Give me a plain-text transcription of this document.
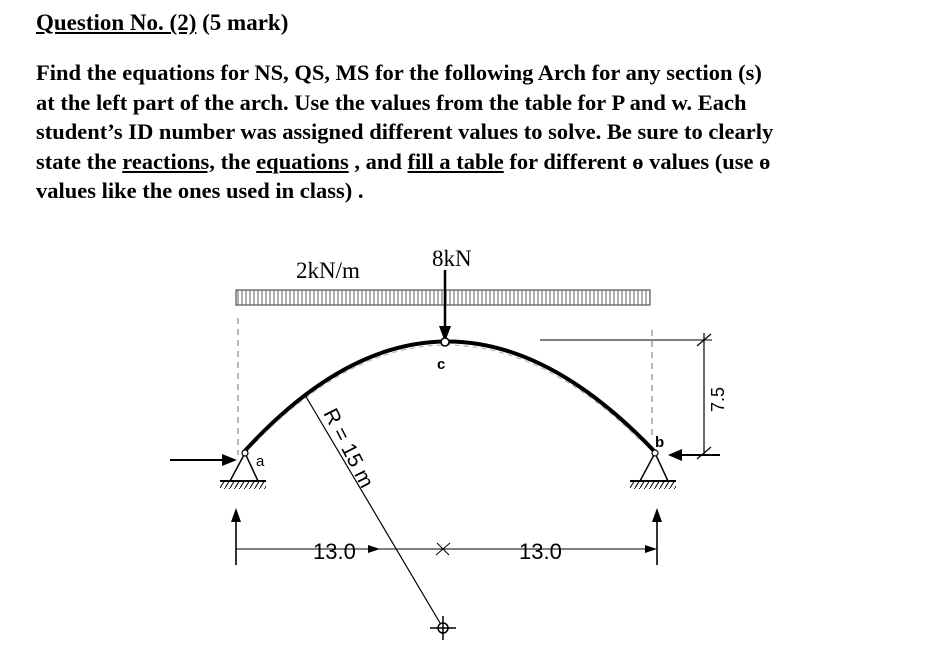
Question No. (2) (5 mark)

Find the equations for NS, QS, MS for the following Arch for any section (s)

at the left part of the arch. Use the values from the table for P and w. Each

student’s ID number was assigned different values to solve. Be sure to clearly

state the reactions, the equations , and fill a table for different ɵ values (use ɵ

values like the ones used in class) .

2kN/m	8kN
c
a
b
R = 15 m
13.0	13.0
7.5
